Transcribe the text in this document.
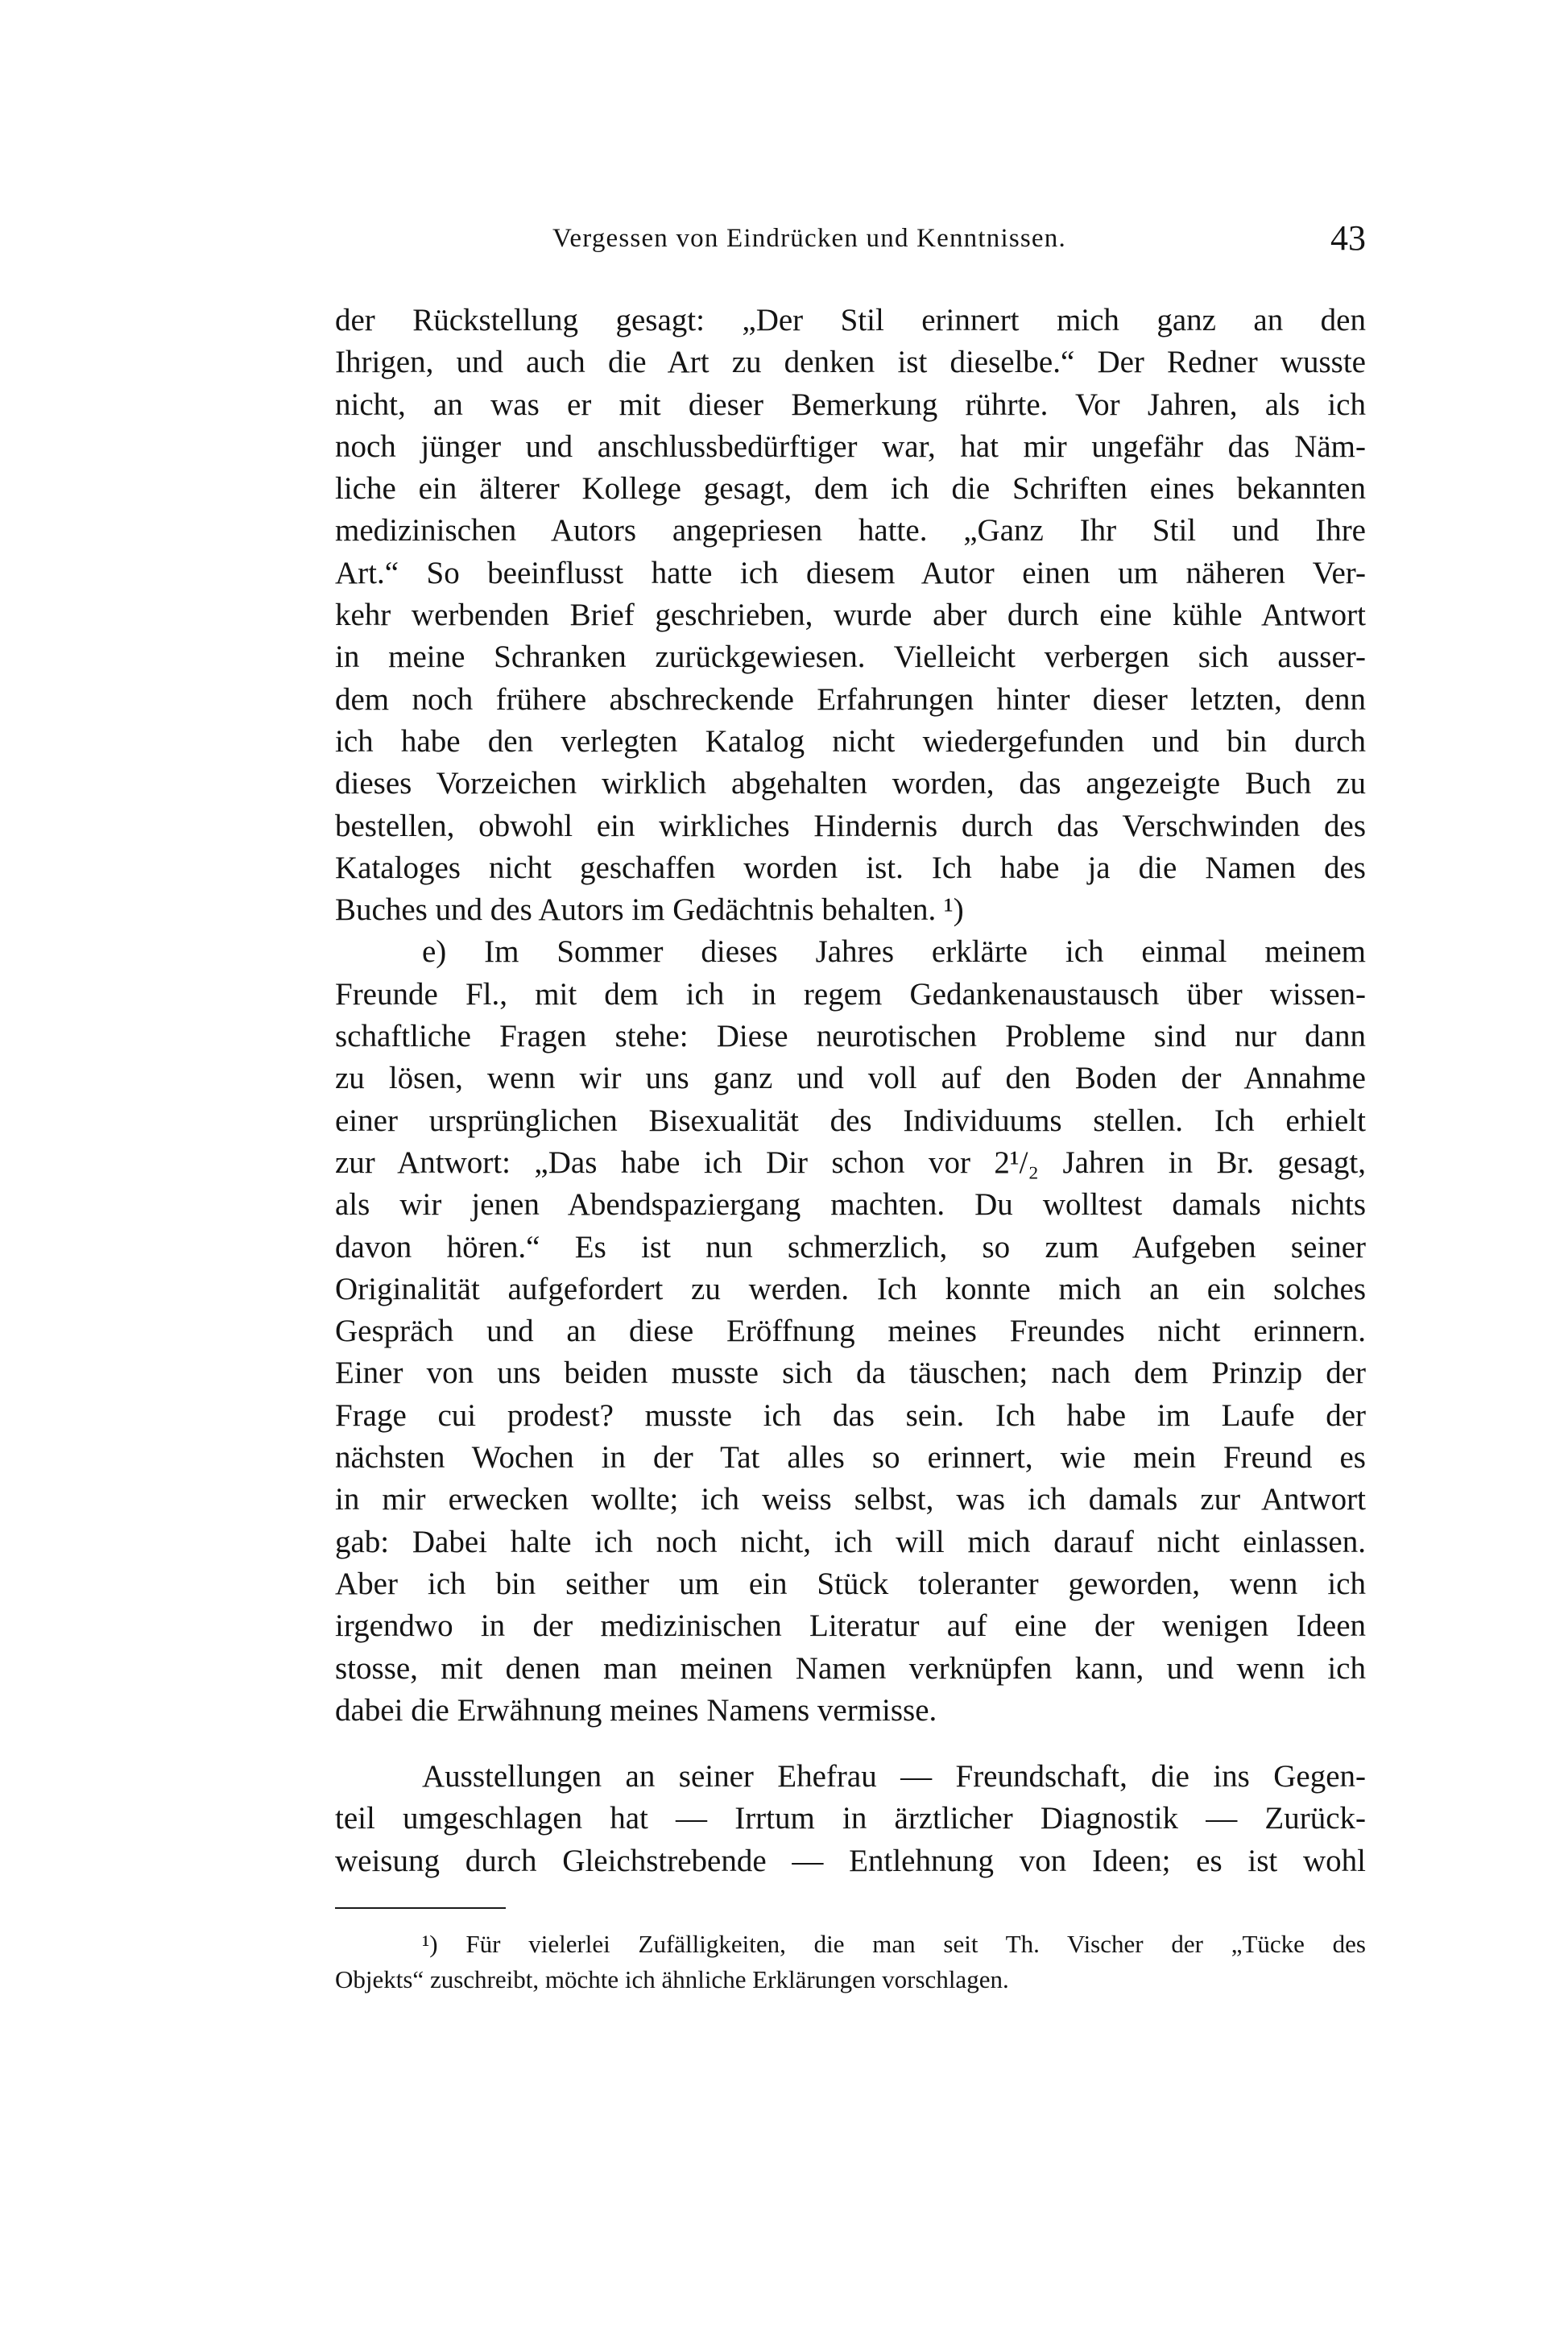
Vergessen von Eindrücken und Kenntnissen.	43
der Rückstellung gesagt: „Der Stil erinnert mich ganz an den
Ihrigen, und auch die Art zu denken ist dieselbe.“ Der Redner wusste
nicht, an was er mit dieser Bemerkung rührte. Vor Jahren, als ich
noch jünger und anschlussbedürftiger war, hat mir ungefähr das Näm-
liche ein älterer Kollege gesagt, dem ich die Schriften eines bekannten
medizinischen Autors angepriesen hatte. „Ganz Ihr Stil und Ihre
Art.“ So beeinflusst hatte ich diesem Autor einen um näheren Ver-
kehr werbenden Brief geschrieben, wurde aber durch eine kühle Antwort
in meine Schranken zurückgewiesen. Vielleicht verbergen sich ausser-
dem noch frühere abschreckende Erfahrungen hinter dieser letzten, denn
ich habe den verlegten Katalog nicht wiedergefunden und bin durch
dieses Vorzeichen wirklich abgehalten worden, das angezeigte Buch zu
bestellen, obwohl ein wirkliches Hindernis durch das Verschwinden des
Kataloges nicht geschaffen worden ist. Ich habe ja die Namen des
Buches und des Autors im Gedächtnis behalten. ¹)
e) Im Sommer dieses Jahres erklärte ich einmal meinem
Freunde Fl., mit dem ich in regem Gedankenaustausch über wissen-
schaftliche Fragen stehe: Diese neurotischen Probleme sind nur dann
zu lösen, wenn wir uns ganz und voll auf den Boden der Annahme
einer ursprünglichen Bisexualität des Individuums stellen. Ich erhielt
zur Antwort: „Das habe ich Dir schon vor 2¹/₂ Jahren in Br. gesagt,
als wir jenen Abendspaziergang machten. Du wolltest damals nichts
davon hören.“ Es ist nun schmerzlich, so zum Aufgeben seiner
Originalität aufgefordert zu werden. Ich konnte mich an ein solches
Gespräch und an diese Eröffnung meines Freundes nicht erinnern.
Einer von uns beiden musste sich da täuschen; nach dem Prinzip der
Frage cui prodest? musste ich das sein. Ich habe im Laufe der
nächsten Wochen in der Tat alles so erinnert, wie mein Freund es
in mir erwecken wollte; ich weiss selbst, was ich damals zur Antwort
gab: Dabei halte ich noch nicht, ich will mich darauf nicht einlassen.
Aber ich bin seither um ein Stück toleranter geworden, wenn ich
irgendwo in der medizinischen Literatur auf eine der wenigen Ideen
stosse, mit denen man meinen Namen verknüpfen kann, und wenn ich
dabei die Erwähnung meines Namens vermisse.
Ausstellungen an seiner Ehefrau — Freundschaft, die ins Gegen-
teil umgeschlagen hat — Irrtum in ärztlicher Diagnostik — Zurück-
weisung durch Gleichstrebende — Entlehnung von Ideen; es ist wohl
¹) Für vielerlei Zufälligkeiten, die man seit Th. Vischer der „Tücke des
Objekts“ zuschreibt, möchte ich ähnliche Erklärungen vorschlagen.
